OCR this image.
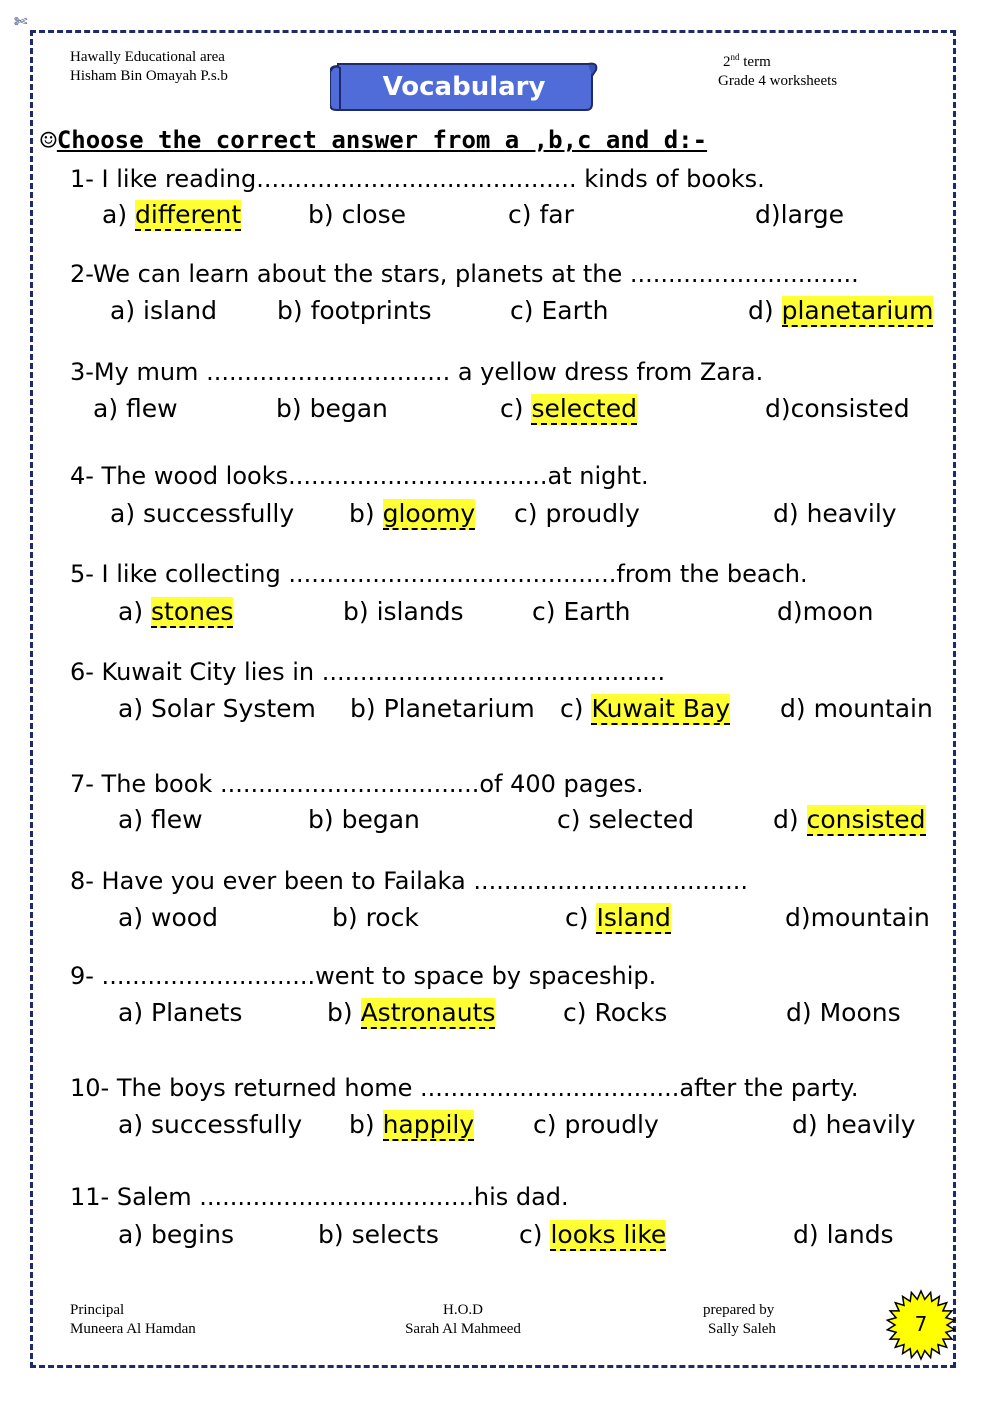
✄
Hawally Educational area
Hisham Bin Omayah P.s.b
2nd term
Grade 4 worksheets
Vocabulary
☺Choose the correct answer from a ,b,c and d:-
1- I like reading.......................................... kinds of books.
a) different	b) close	c) far	d)large
2-We can learn about the stars, planets at the ..............................
a) island b) footprints	c) Earth	d) planetarium
3-My mum ................................ a yellow dress from Zara.
a) flew	b) began	c) selected	d)consisted
4- The wood looks..................................at night.
a) successfully b) gloomy c) proudly	d) heavily
5- I like collecting ...........................................from the beach.
a) stones	b) islands	c) Earth	d)moon
6- Kuwait City lies in .............................................
a) Solar System b) Planetarium c) Kuwait Bay d) mountain
7- The book ..................................of 400 pages.
a) flew	b) began	c) selected	d) consisted
8- Have you ever been to Failaka ....................................
a) wood	b) rock	c) Island	d)mountain
9- ............................went to space by spaceship.
a) Planets	b) Astronauts	c) Rocks	d) Moons
10- The boys returned home ..................................after the party.
a) successfully b) happily c) proudly	d) heavily
11- Salem ....................................his dad.
a) begins	b) selects	c) looks like	d) lands
Principal
Muneera Al Hamdan
H.O.D
Sarah Al Mahmeed
prepared by
Sally Saleh	7
